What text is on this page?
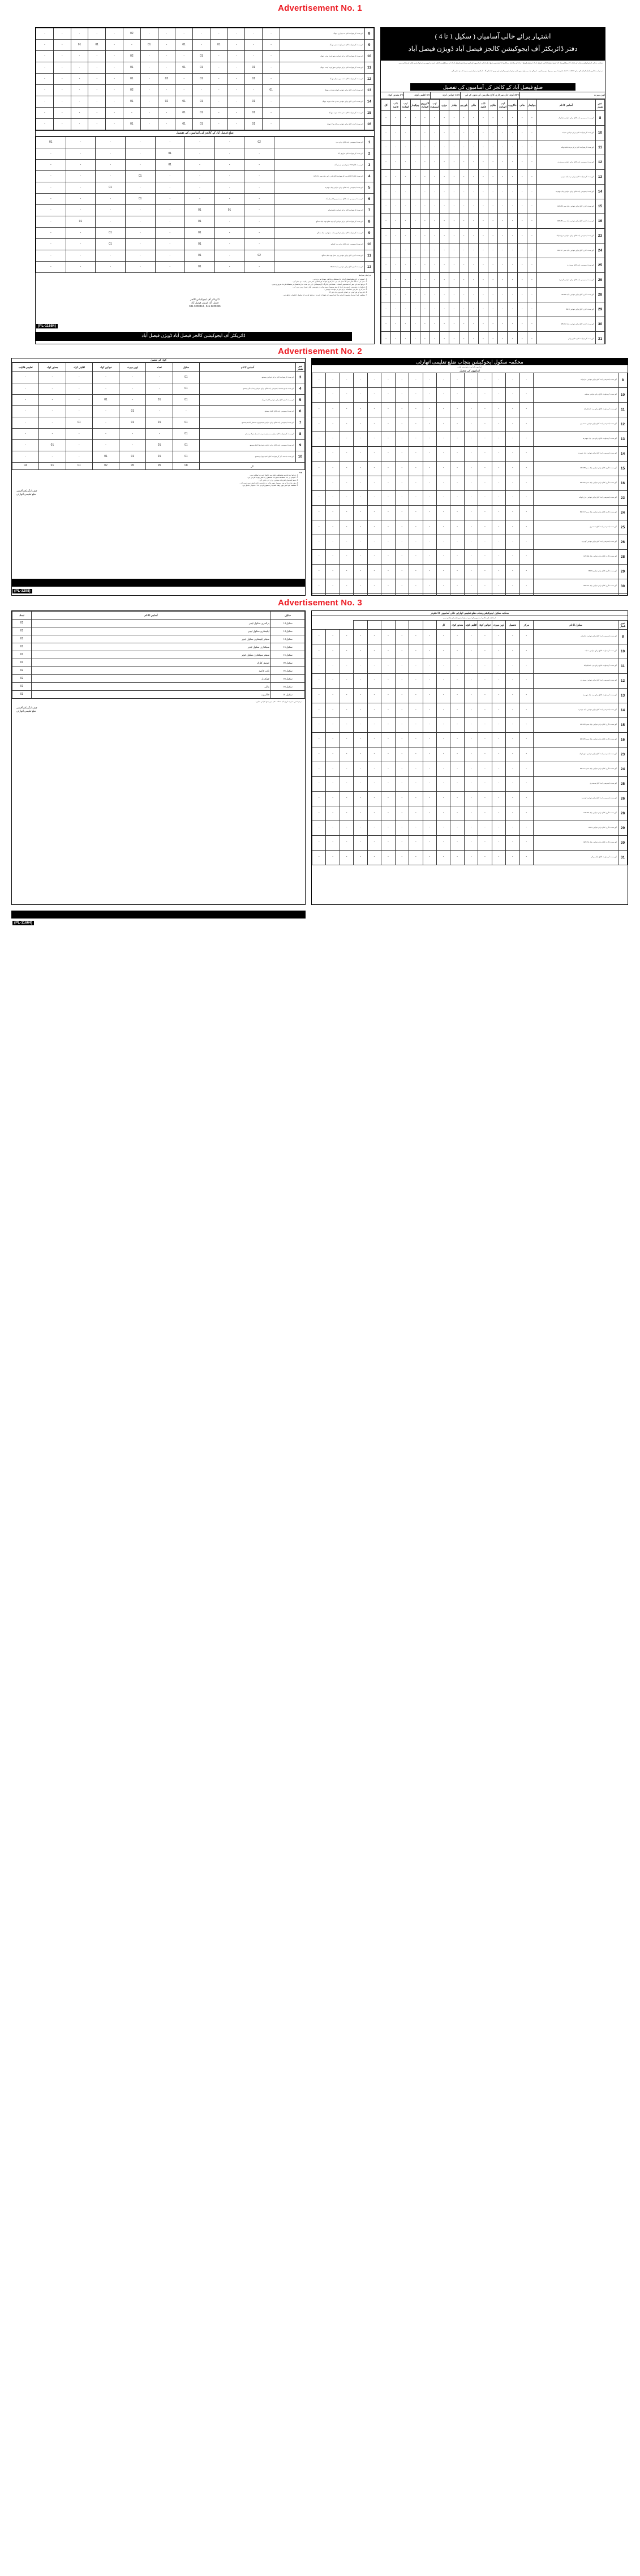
Advertisement No. 1
اشتہار برائے خالی آسامیاں ( سکیل 1 تا 4 )
دفتر ڈائریکٹر آف ایجوکیشن کالجز فیصل آباد ڈویژن فیصل آباد
محکمہ ہائر ایجوکیشن پنجاب کے تحت ڈائریکٹوریٹ آف ایجوکیشن کالجز فیصل آباد ڈویژن فیصل آباد کے ماتحت سرکاری کالجز میں درج ذیل خالی آسامیوں کے لیے صرف ضلع فیصل آباد کے مستقل رہائشی امیدواروں سے درخواستیں طلب کی جاتی ہیں۔
درخواست فارم مکمل کوائف کے ساتھ 17.11.2022 تک دفتر ہذا میں موصول ہونی چاہیے۔ اس کے بعد موصول ہونے والی درخواستوں پر کوئی غور نہیں کیا جائے گا۔ نامکمل درخواستیں مسترد کر دی جائیں گی۔
ضلع فیصل آباد کے کالجز کی آسامیوں کی تفصیل
اوپن میرٹ
20% کوٹہ خان سرکاری کالج ملازمین کے بچوں کے لیے
15% خواتین کوٹہ
5% اقلیتی کوٹہ
3% معذور کوٹہ
نمبر شمار	آسامی کا نام	چوکیدار	مالی	خاکروب	لیب اٹینڈنٹ	ملازم	نائب قاصد	مالی	باورچی	بیلدار	درزی	لیب اسسٹنٹ	لائبریری اٹینڈنٹ	چوکیدار	لیب اٹینڈنٹ	نائب قاصد	کل
8	گورنمنٹ ایسوسی ایٹ کالج برائے خواتین جڑانوالہ	-	-	-	-	-	-	-	-	-	-	-	-	-	-	-	-
10	گورنمنٹ گریجوایٹ کالج برائے خواتین ستیانہ	-	-	-	-	-	-	-	-	-	-	-	-	-	-	-	-
11	گورنمنٹ گریجوایٹ کالج برائے مرد تاندلیانوالہ	-	-	-	-	-	-	-	-	-	-	-	-	-	-	-	-
12	گورنمنٹ ایسوسی ایٹ کالج برائے خواتین سمندری	-	-	-	-	-	-	-	-	-	-	-	-	-	-	-	-
13	گورنمنٹ گریجوایٹ کالج برائے مرد چک جھمرہ	-	-	-	-	-	-	-	-	-	-	-	-	-	-	-	-
14	گورنمنٹ ایسوسی ایٹ کالج برائے خواتین چک جھمرہ	-	-	-	-	-	-	-	-	-	-	-	-	-	-	-	-
15	گورنمنٹ ڈگری کالج برائے خواتین چک نمبر 288/GB	-	-	-	-	-	-	-	-	-	-	-	-	-	-	-	-
16	گورنمنٹ ڈگری کالج برائے خواتین چک نمبر 285/RB	-	-	-	-	-	-	-	-	-	-	-	-	-	-	-	-
23	گورنمنٹ ایسوسی ایٹ کالج برائے خواتین خرڑیانوالہ	-	-	-	-	-	-	-	-	-	-	-	-	-	-	-	-
24	گورنمنٹ ڈگری کالج برائے خواتین چک نمبر 317/HR	-	-	-	-	-	-	-	-	-	-	-	-	-	-	-	-
25	گورنمنٹ ایسوسی ایٹ کالج سمندری	-	-	-	-	-	-	-	-	-	-	-	-	-	-	-	-
26	گورنمنٹ ایسوسی ایٹ کالج برائے خواتین گوجرہ	-	-	-	-	-	-	-	-	-	-	-	-	-	-	-	-
28	گورنمنٹ ڈگری کالج برائے خواتین چک 466/GB	-	-	-	-	-	-	-	-	-	-	-	-	-	-	-	-
29	گورنمنٹ ڈگری کالج برائے خواتین 8/HR	-	-	-	-	-	-	-	-	-	-	-	-	-	-	-	-
30	گورنمنٹ ڈگری کالج برائے خواتین چک 252/RB	-	-	-	-	-	-	-	-	-	-	-	-	-	-	-	-
31	گورنمنٹ گریجوایٹ کالج طاہر والی	-	-	-	-	-	-	-	-	-	-	-	-	-	-	-	-
8	گورنمنٹ گریجوایٹ کالج 18 ہزاری جھنگ	-	-	-	-	-	-	-	-	02	-	-	-	-	-
9	گورنمنٹ گریجوایٹ کالج شورکوٹ سٹی جھنگ	-	-	-	01	-	01	-	01	-	-	01	01	-	-
10	گورنمنٹ گریجوایٹ کالج برائے خواتین شورکوٹ سٹی جھنگ	-	-	-	-	01	-	-	-	02	-	-	-	-	-
11	گورنمنٹ گریجوایٹ کالج برائے خواتین شورکوٹ کینٹ جھنگ	-	01	-	-	01	01	-	-	01	-	-	-	-	-
12	گورنمنٹ گریجوایٹ کالج احمد پور سیال جھنگ	-	01	-	-	01	-	02	-	01	-	-	-	-	-
13	گورنمنٹ ڈگری کالج برائے خواتین اٹھارہ ہزاری جھنگ	01	-	-	-	-	-	-	-	02	-	-	-	-	-
14	گورنمنٹ ڈگری کالج برائے خواتین منڈی شاہ جیونہ جھنگ	-	01	-	-	01	01	02	-	01	-	-	-	-	-
15	گورنمنٹ گریجوایٹ کالج سٹی شاہ جیونہ جھنگ	-	01	-	-	01	01	-	-	-	-	-	-	-	-
16	گورنمنٹ ڈگری کالج برائے خواتین ورکاں والا جھنگ	-	01	-	-	01	01	-	-	01	-	-	-	-	-
ضلع فیصل آباد کے کالجز کی آسامیوں کی تفصیل
1	گورنمنٹ ایسوسی ایٹ کالج برائے مرد	02	-	-	-	-	-	-	01
2	گورنمنٹ گریجوایٹ کالج فاروق آباد	-	-	-	01	-	-	-	-
3	گورنمنٹ کالج PST ایجوکیشن فیصل آباد	-	-	-	01	-	-	-	-
4	گورنمنٹ کالج FF B قریب گریجوایٹ کالج بائی پاس چک نمبر 233/GB	-	-	-	-	01	-	-	-
5	گورنمنٹ ایسوسی ایٹ کالج برائے خواتین چک جھمرہ	-	-	-	-	-	01	-	-
6	گورنمنٹ ایسوسی ایٹ کالج سمندری روڈ فیصل آباد	-	-	-	-	01	-	-	-
7	گورنمنٹ گریجوایٹ کالج برائے خواتین تاندلیانوالہ	-	01	01	-	-	-	-	-
8	گورنمنٹ گریجوایٹ کالج برائے خواتین گوجرہ ضلع ٹوبہ ٹیک سنگھ	-	-	01	-	-	-	01	-
9	گورنمنٹ گریجوایٹ کالج برائے خواتین رجانہ ضلع ٹوبہ ٹیک سنگھ	-	-	01	-	-	01	-	-
10	گورنمنٹ ایسوسی ایٹ کالج برائے مرد کمالیہ	-	-	01	-	-	01	-	-
11	گورنمنٹ ڈگری کالج برائے خواتین پیر محل ٹوبہ ٹیک سنگھ	02	-	01	-	-	-	-	-
13	گورنمنٹ ڈگری کالج برائے خواتین چک 212/GB	-	-	01	-	-	-	-	-
شرائط و ضوابط
1. امیدوار کا ضلع فیصل آباد کا مستقل رہائشی ہونا ضروری ہے۔
2. عمر کی حد 18 سال سے 30 سال تک ہے۔ سرکاری قواعد کے مطابق عمر میں رعایت دی جائے گی۔
3. درخواست کے ہمراہ تعلیمی اسناد، شناختی کارڈ، ڈومیسائل اور دو عدد تازہ تصاویر منسلک کرنا ضروری ہیں۔
4. نامکمل درخواستیں یا مقررہ تاریخ کے بعد موصول ہونے والی درخواستیں قابل قبول نہیں ہوں گی۔
5. سرکاری ملازمین محکمانہ ذرائع سے درخواست بھیجیں۔
6. انٹرویو کے لیے کوئی ٹی اے ڈی اے نہیں دیا جائے گا۔
7. محکمہ کو اشتہار منسوخ کرنے یا آسامیوں کی تعداد کم یا زیادہ کرنے کا مکمل اختیار حاصل ہے۔
ڈائریکٹر آف ایجوکیشن کالجز
فیصل آباد ڈویژن فیصل آباد
041-9200344 , 041-9200345
ڈائریکٹر آف ایجوکیشن کالجز فیصل آباد ڈویژن فیصل آباد
(PL-11684)
Advertisement No. 2
محکمہ سکول ایجوکیشن پنجاب ضلع تعلیمی اتھارٹی
اسامیوں کے لیے درخواستیں طلب
اسامیوں کی تفصیل
8	گورنمنٹ ایسوسی ایٹ کالج برائے خواتین جڑانوالہ	-	-	-	-	-	-	-	-	-	-	-	-	-	-	-	-
10	گورنمنٹ گریجوایٹ کالج برائے خواتین ستیانہ	-	-	-	-	-	-	-	-	-	-	-	-	-	-	-	-
11	گورنمنٹ گریجوایٹ کالج برائے مرد تاندلیانوالہ	-	-	-	-	-	-	-	-	-	-	-	-	-	-	-	-
12	گورنمنٹ ایسوسی ایٹ کالج برائے خواتین سمندری	-	-	-	-	-	-	-	-	-	-	-	-	-	-	-	-
13	گورنمنٹ گریجوایٹ کالج برائے مرد چک جھمرہ	-	-	-	-	-	-	-	-	-	-	-	-	-	-	-	-
14	گورنمنٹ ایسوسی ایٹ کالج برائے خواتین چک جھمرہ	-	-	-	-	-	-	-	-	-	-	-	-	-	-	-	-
15	گورنمنٹ ڈگری کالج برائے خواتین چک نمبر 288/GB	-	-	-	-	-	-	-	-	-	-	-	-	-	-	-	-
16	گورنمنٹ ڈگری کالج برائے خواتین چک نمبر 285/RB	-	-	-	-	-	-	-	-	-	-	-	-	-	-	-	-
23	گورنمنٹ ایسوسی ایٹ کالج برائے خواتین خرڑیانوالہ	-	-	-	-	-	-	-	-	-	-	-	-	-	-	-	-
24	گورنمنٹ ڈگری کالج برائے خواتین چک نمبر 317/HR	-	-	-	-	-	-	-	-	-	-	-	-	-	-	-	-
25	گورنمنٹ ایسوسی ایٹ کالج سمندری	-	-	-	-	-	-	-	-	-	-	-	-	-	-	-	-
26	گورنمنٹ ایسوسی ایٹ کالج برائے خواتین گوجرہ	-	-	-	-	-	-	-	-	-	-	-	-	-	-	-	-
28	گورنمنٹ ڈگری کالج برائے خواتین چک 466/GB	-	-	-	-	-	-	-	-	-	-	-	-	-	-	-	-
29	گورنمنٹ ڈگری کالج برائے خواتین 8/HR	-	-	-	-	-	-	-	-	-	-	-	-	-	-	-	-
30	گورنمنٹ ڈگری کالج برائے خواتین چک 252/RB	-	-	-	-	-	-	-	-	-	-	-	-	-	-	-	-

کوٹہ کی تفصیل
نمبر شمار	آسامی کا نام	سکیل	تعداد	اوپن میرٹ	خواتین کوٹہ	اقلیتی کوٹہ	معذور کوٹہ	تعلیمی قابلیت
3	گورنمنٹ گریجوایٹ کالج برائے خواتین پینسٹھ	01	-	-	-	-	-	-
4	گورنمنٹ جامع مسجد ایسوسی ایٹ کالج برائے خواتین چناب نگر پینسٹھ	01	-	-	-	-	-	-
5	گورنمنٹ ڈگری کالج برائے خواتین الائیڈ جھنگ	01	01	-	01	-	-	-
6	گورنمنٹ ایسوسی ایٹ کالج الائیڈ پینسٹھ	-	-	01	-	-	-	-
7	گورنمنٹ ایسوسی ایٹ کالج برائے خواتین شیخوپورہ تحصیل الائیڈ پینسٹھ	01	01	01	-	01	-	-
8	گورنمنٹ گریجوایٹ کالج برائے مسعودی شریف تحصیل چوک پینسٹھ	01	-	-	-	-	-	-
9	گورنمنٹ ایسوسی ایٹ کالج برائے خواتین چوبارہ الائیڈ پینسٹھ	01	01	-	-	-	01	-
10	گورنمنٹ مانسہ نگر گریجوایٹ کالج الائیڈ چوک پینسٹھ	01	01	01	01	-	-	-
کل		08	05	05	02	01	01	04
نوٹ
1. درخواست فارم متعلقہ دفتر سے حاصل کیے جا سکتے ہیں۔
2. امیدوار کا متعلقہ ضلع کا مستقل رہائشی ہونا لازمی ہے۔
3. تمام آسامیاں کنٹریکٹ بنیادوں پر پُر کی جائیں گی۔
4. مقررہ تاریخ کے بعد موصول ہونے والی درخواستیں قابل قبول نہیں ہوں گی۔
5. محکمہ کو کسی بھی وقت اشتہار منسوخ کرنے کا اختیار حاصل ہے۔
چیف ایگزیکٹو آفیسر
ضلع تعلیمی اتھارٹی
(PL-3298)
Advertisement No. 3
محکمہ سکول ایجوکیشن پنجاب ضلع تعلیمی اتھارٹی خالی آسامیوں کا اشتہار
اساتذہ کی خالی آسامیوں کے لیے درخواستیں طلب کی جاتی ہیں
نمبر شمار	سکول کا نام	مرکز	تحصیل	اوپن میرٹ	خواتین کوٹہ	اقلیتی کوٹہ	معذور کوٹہ	کل									
8	گورنمنٹ ایسوسی ایٹ کالج برائے خواتین جڑانوالہ	-	-	-	-	-	-	-	-	-	-	-	-	-	-	-	-
10	گورنمنٹ گریجوایٹ کالج برائے خواتین ستیانہ	-	-	-	-	-	-	-	-	-	-	-	-	-	-	-	-
11	گورنمنٹ گریجوایٹ کالج برائے مرد تاندلیانوالہ	-	-	-	-	-	-	-	-	-	-	-	-	-	-	-	-
12	گورنمنٹ ایسوسی ایٹ کالج برائے خواتین سمندری	-	-	-	-	-	-	-	-	-	-	-	-	-	-	-	-
13	گورنمنٹ گریجوایٹ کالج برائے مرد چک جھمرہ	-	-	-	-	-	-	-	-	-	-	-	-	-	-	-	-
14	گورنمنٹ ایسوسی ایٹ کالج برائے خواتین چک جھمرہ	-	-	-	-	-	-	-	-	-	-	-	-	-	-	-	-
15	گورنمنٹ ڈگری کالج برائے خواتین چک نمبر 288/GB	-	-	-	-	-	-	-	-	-	-	-	-	-	-	-	-
16	گورنمنٹ ڈگری کالج برائے خواتین چک نمبر 285/RB	-	-	-	-	-	-	-	-	-	-	-	-	-	-	-	-
23	گورنمنٹ ایسوسی ایٹ کالج برائے خواتین خرڑیانوالہ	-	-	-	-	-	-	-	-	-	-	-	-	-	-	-	-
24	گورنمنٹ ڈگری کالج برائے خواتین چک نمبر 317/HR	-	-	-	-	-	-	-	-	-	-	-	-	-	-	-	-
25	گورنمنٹ ایسوسی ایٹ کالج سمندری	-	-	-	-	-	-	-	-	-	-	-	-	-	-	-	-
26	گورنمنٹ ایسوسی ایٹ کالج برائے خواتین گوجرہ	-	-	-	-	-	-	-	-	-	-	-	-	-	-	-	-
28	گورنمنٹ ڈگری کالج برائے خواتین چک 466/GB	-	-	-	-	-	-	-	-	-	-	-	-	-	-	-	-
29	گورنمنٹ ڈگری کالج برائے خواتین 8/HR	-	-	-	-	-	-	-	-	-	-	-	-	-	-	-	-
30	گورنمنٹ ڈگری کالج برائے خواتین چک 252/RB	-	-	-	-	-	-	-	-	-	-	-	-	-	-	-	-
31	گورنمنٹ گریجوایٹ کالج طاہر والی	-	-	-	-	-	-	-	-	-	-	-	-	-	-	-	-
سکیل	آسامی کا نام	تعداد
سکیل 14	پرائمری سکول ٹیچر	01
سکیل 14	ایلیمنٹری سکول ٹیچر	01
سکیل 14	سینئر ایلیمنٹری سکول ٹیچر	01
سکیل 16	سیکنڈری سکول ٹیچر	01
سکیل 16	سینئر سیکنڈری سکول ٹیچر	01
سکیل 09	جونیئر کلرک	01
سکیل 05	نائب قاصد	02
سکیل 03	چوکیدار	02
سکیل 03	مالی	01
سکیل 01	خاکروب	03
درخواستیں مقررہ تاریخ تک متعلقہ دفتر میں جمع کرائی جائیں۔
چیف ایگزیکٹو آفیسر
ضلع تعلیمی اتھارٹی
(PL-11664)
